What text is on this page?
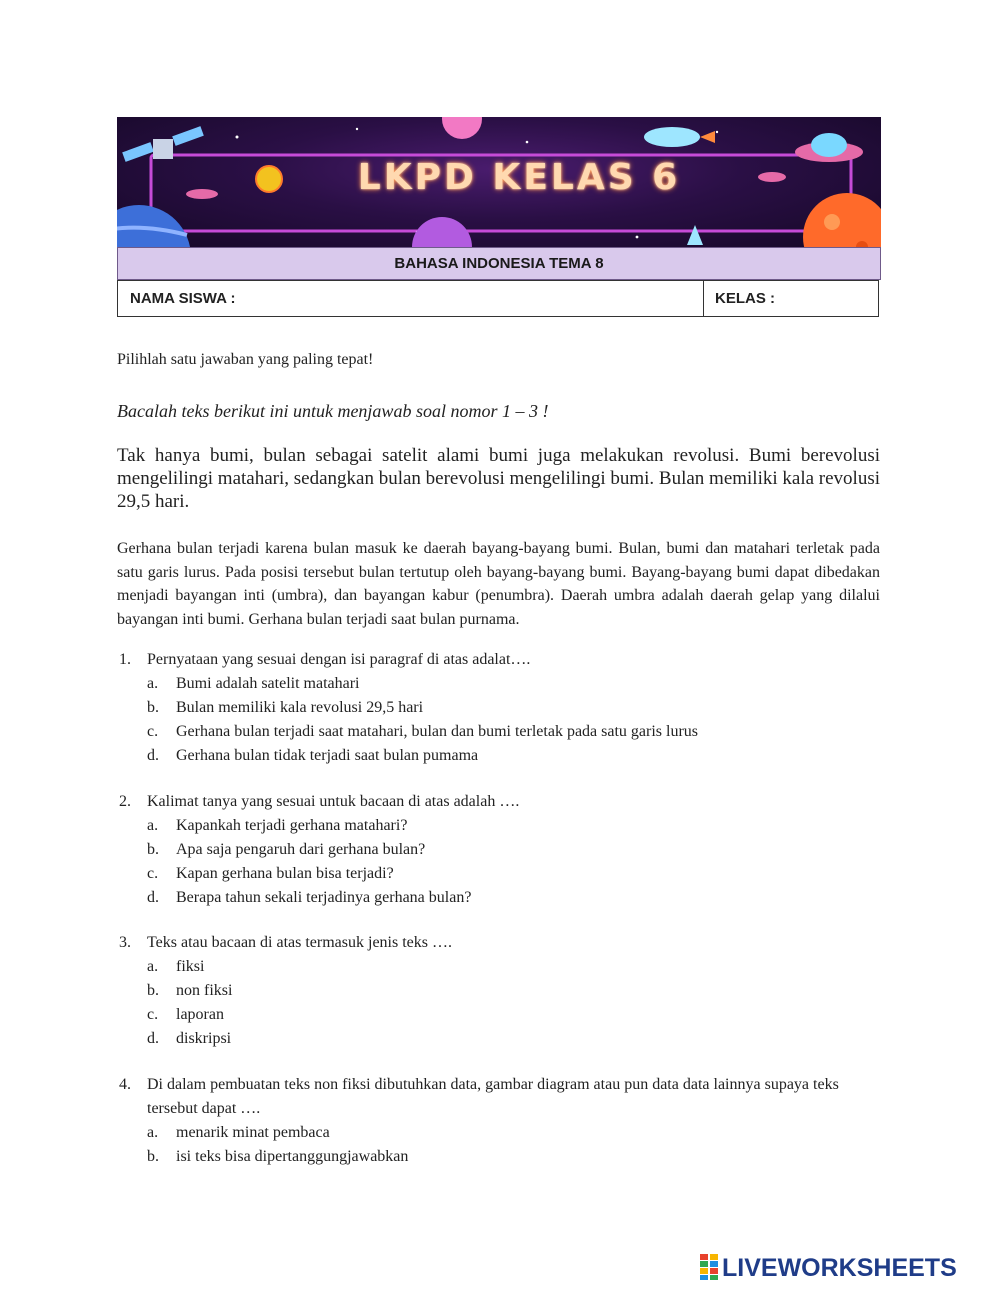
LKPD KELAS 6
BAHASA INDONESIA TEMA 8
NAMA SISWA :	KELAS :
Pilihlah satu jawaban yang paling tepat!
Bacalah teks berikut ini untuk menjawab soal nomor 1 – 3 !
Tak hanya bumi, bulan sebagai satelit alami bumi juga melakukan revolusi. Bumi berevolusi mengelilingi matahari, sedangkan bulan berevolusi mengelilingi bumi. Bulan memiliki kala revolusi 29,5 hari.
Gerhana bulan terjadi karena bulan masuk ke daerah bayang-bayang bumi. Bulan, bumi dan matahari terletak pada satu garis lurus. Pada posisi tersebut bulan tertutup oleh bayang-bayang bumi. Bayang-bayang bumi dapat dibedakan menjadi bayangan inti (umbra), dan bayangan kabur (penumbra). Daerah umbra adalah daerah gelap yang dilalui bayangan inti bumi. Gerhana bulan terjadi saat bulan purnama.
1. Pernyataan yang sesuai dengan isi paragraf di atas adalat….
a. Bumi adalah satelit matahari
b. Bulan memiliki kala revolusi 29,5 hari
c. Gerhana bulan terjadi saat matahari, bulan dan bumi terletak pada satu garis lurus
d. Gerhana bulan tidak terjadi saat bulan pumama
2. Kalimat tanya yang sesuai untuk bacaan di atas adalah ….
a. Kapankah terjadi gerhana matahari?
b. Apa saja pengaruh dari gerhana bulan?
c. Kapan gerhana bulan bisa terjadi?
d. Berapa tahun sekali terjadinya gerhana bulan?
3. Teks atau bacaan di atas termasuk jenis teks ….
a. fiksi
b. non fiksi
c. laporan
d. diskripsi
4. Di dalam pembuatan teks non fiksi dibutuhkan data, gambar diagram atau pun data data lainnya supaya teks tersebut dapat ….
a. menarik minat pembaca
b. isi teks bisa dipertanggungjawabkan
LIVEWORKSHEETS
